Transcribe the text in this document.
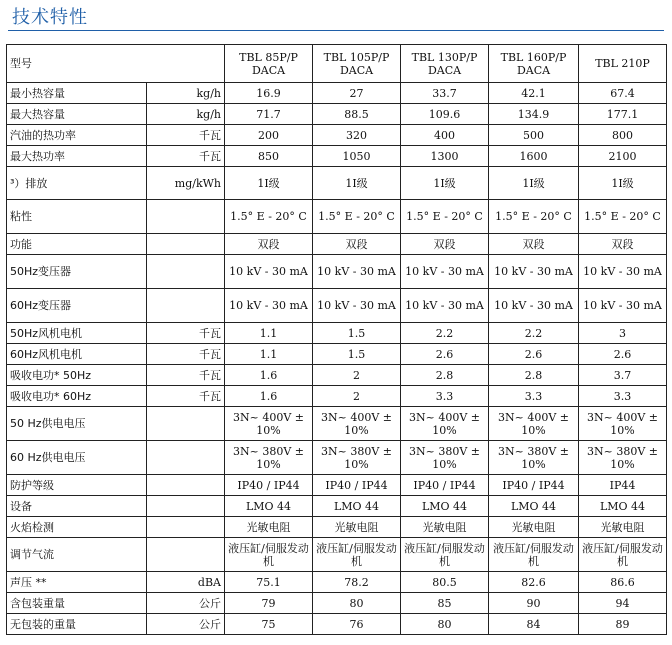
技术特性
型号		TBL 85P/P DACA	TBL 105P/P DACA	TBL 130P/P DACA	TBL 160P/P DACA	TBL 210P
最小热容量	kg/h	16.9	27	33.7	42.1	67.4
最大热容量	kg/h	71.7	88.5	109.6	134.9	177.1
汽油的热功率	千瓦	200	320	400	500	800
最大热功率	千瓦	850	1050	1300	1600	2100
³）排放	mg/kWh	1I级	1I级	1I级	1I级	1I级
粘性		1.5° E - 20° C	1.5° E - 20° C	1.5° E - 20° C	1.5° E - 20° C	1.5° E - 20° C
功能		双段	双段	双段	双段	双段
50Hz变压器		10 kV - 30 mA	10 kV - 30 mA	10 kV - 30 mA	10 kV - 30 mA	10 kV - 30 mA
60Hz变压器		10 kV - 30 mA	10 kV - 30 mA	10 kV - 30 mA	10 kV - 30 mA	10 kV - 30 mA
50Hz风机电机	千瓦	1.1	1.5	2.2	2.2	3
60Hz风机电机	千瓦	1.1	1.5	2.6	2.6	2.6
吸收电功* 50Hz	千瓦	1.6	2	2.8	2.8	3.7
吸收电功* 60Hz	千瓦	1.6	2	3.3	3.3	3.3
50 Hz供电电压		3N~ 400V ± 10%	3N~ 400V ± 10%	3N~ 400V ± 10%	3N~ 400V ± 10%	3N~ 400V ± 10%
60 Hz供电电压		3N~ 380V ± 10%	3N~ 380V ± 10%	3N~ 380V ± 10%	3N~ 380V ± 10%	3N~ 380V ± 10%
防护等级		IP40 / IP44	IP40 / IP44	IP40 / IP44	IP40 / IP44	IP44
设备		LMO 44	LMO 44	LMO 44	LMO 44	LMO 44
火焰检测		光敏电阻	光敏电阻	光敏电阻	光敏电阻	光敏电阻
调节气流		液压缸/伺服发动机	液压缸/伺服发动机	液压缸/伺服发动机	液压缸/伺服发动机	液压缸/伺服发动机
声压 **	dBA	75.1	78.2	80.5	82.6	86.6
含包装重量	公斤	79	80	85	90	94
无包装的重量	公斤	75	76	80	84	89
